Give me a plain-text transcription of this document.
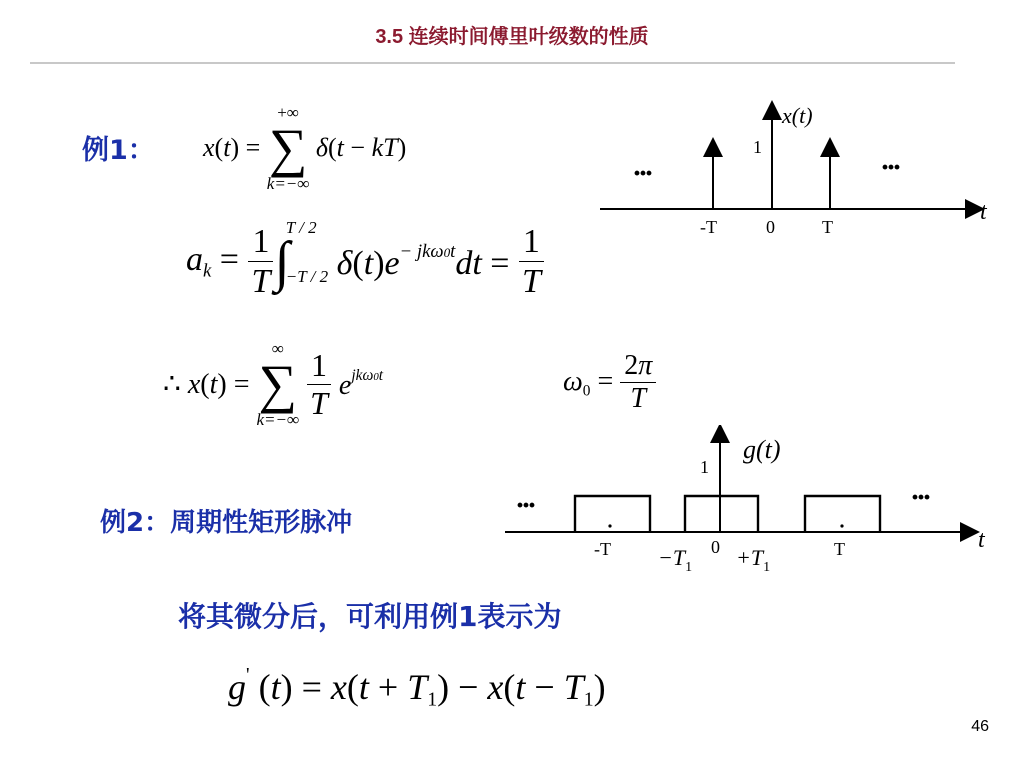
3.5 连续时间傅里叶级数的性质
例1： x(t) =
+∞
∑
k=−∞
δ(t − kT)
$a_k = \frac{1}{T}$ ∫
T / 2
−T / 2 $\delta(t)e^{- jk\omega 0t}dt = \frac{1}{T}$
∴ x(t) =
∞
∑
k=−∞
$\frac{1}{T} e^{jk\omega 0t}$	$\omega_0 = \frac{2\pi}{T}$
x(t)
1
t
-T	0	T
···	···
例2：周期性矩形脉冲
g(t)
1
t
-T	0	T
$-T_1 +T_1$
···	···
将其微分后，可利用例1表示为
g' $(t) = x(t + T_1) - x(t - T_1)$
46
